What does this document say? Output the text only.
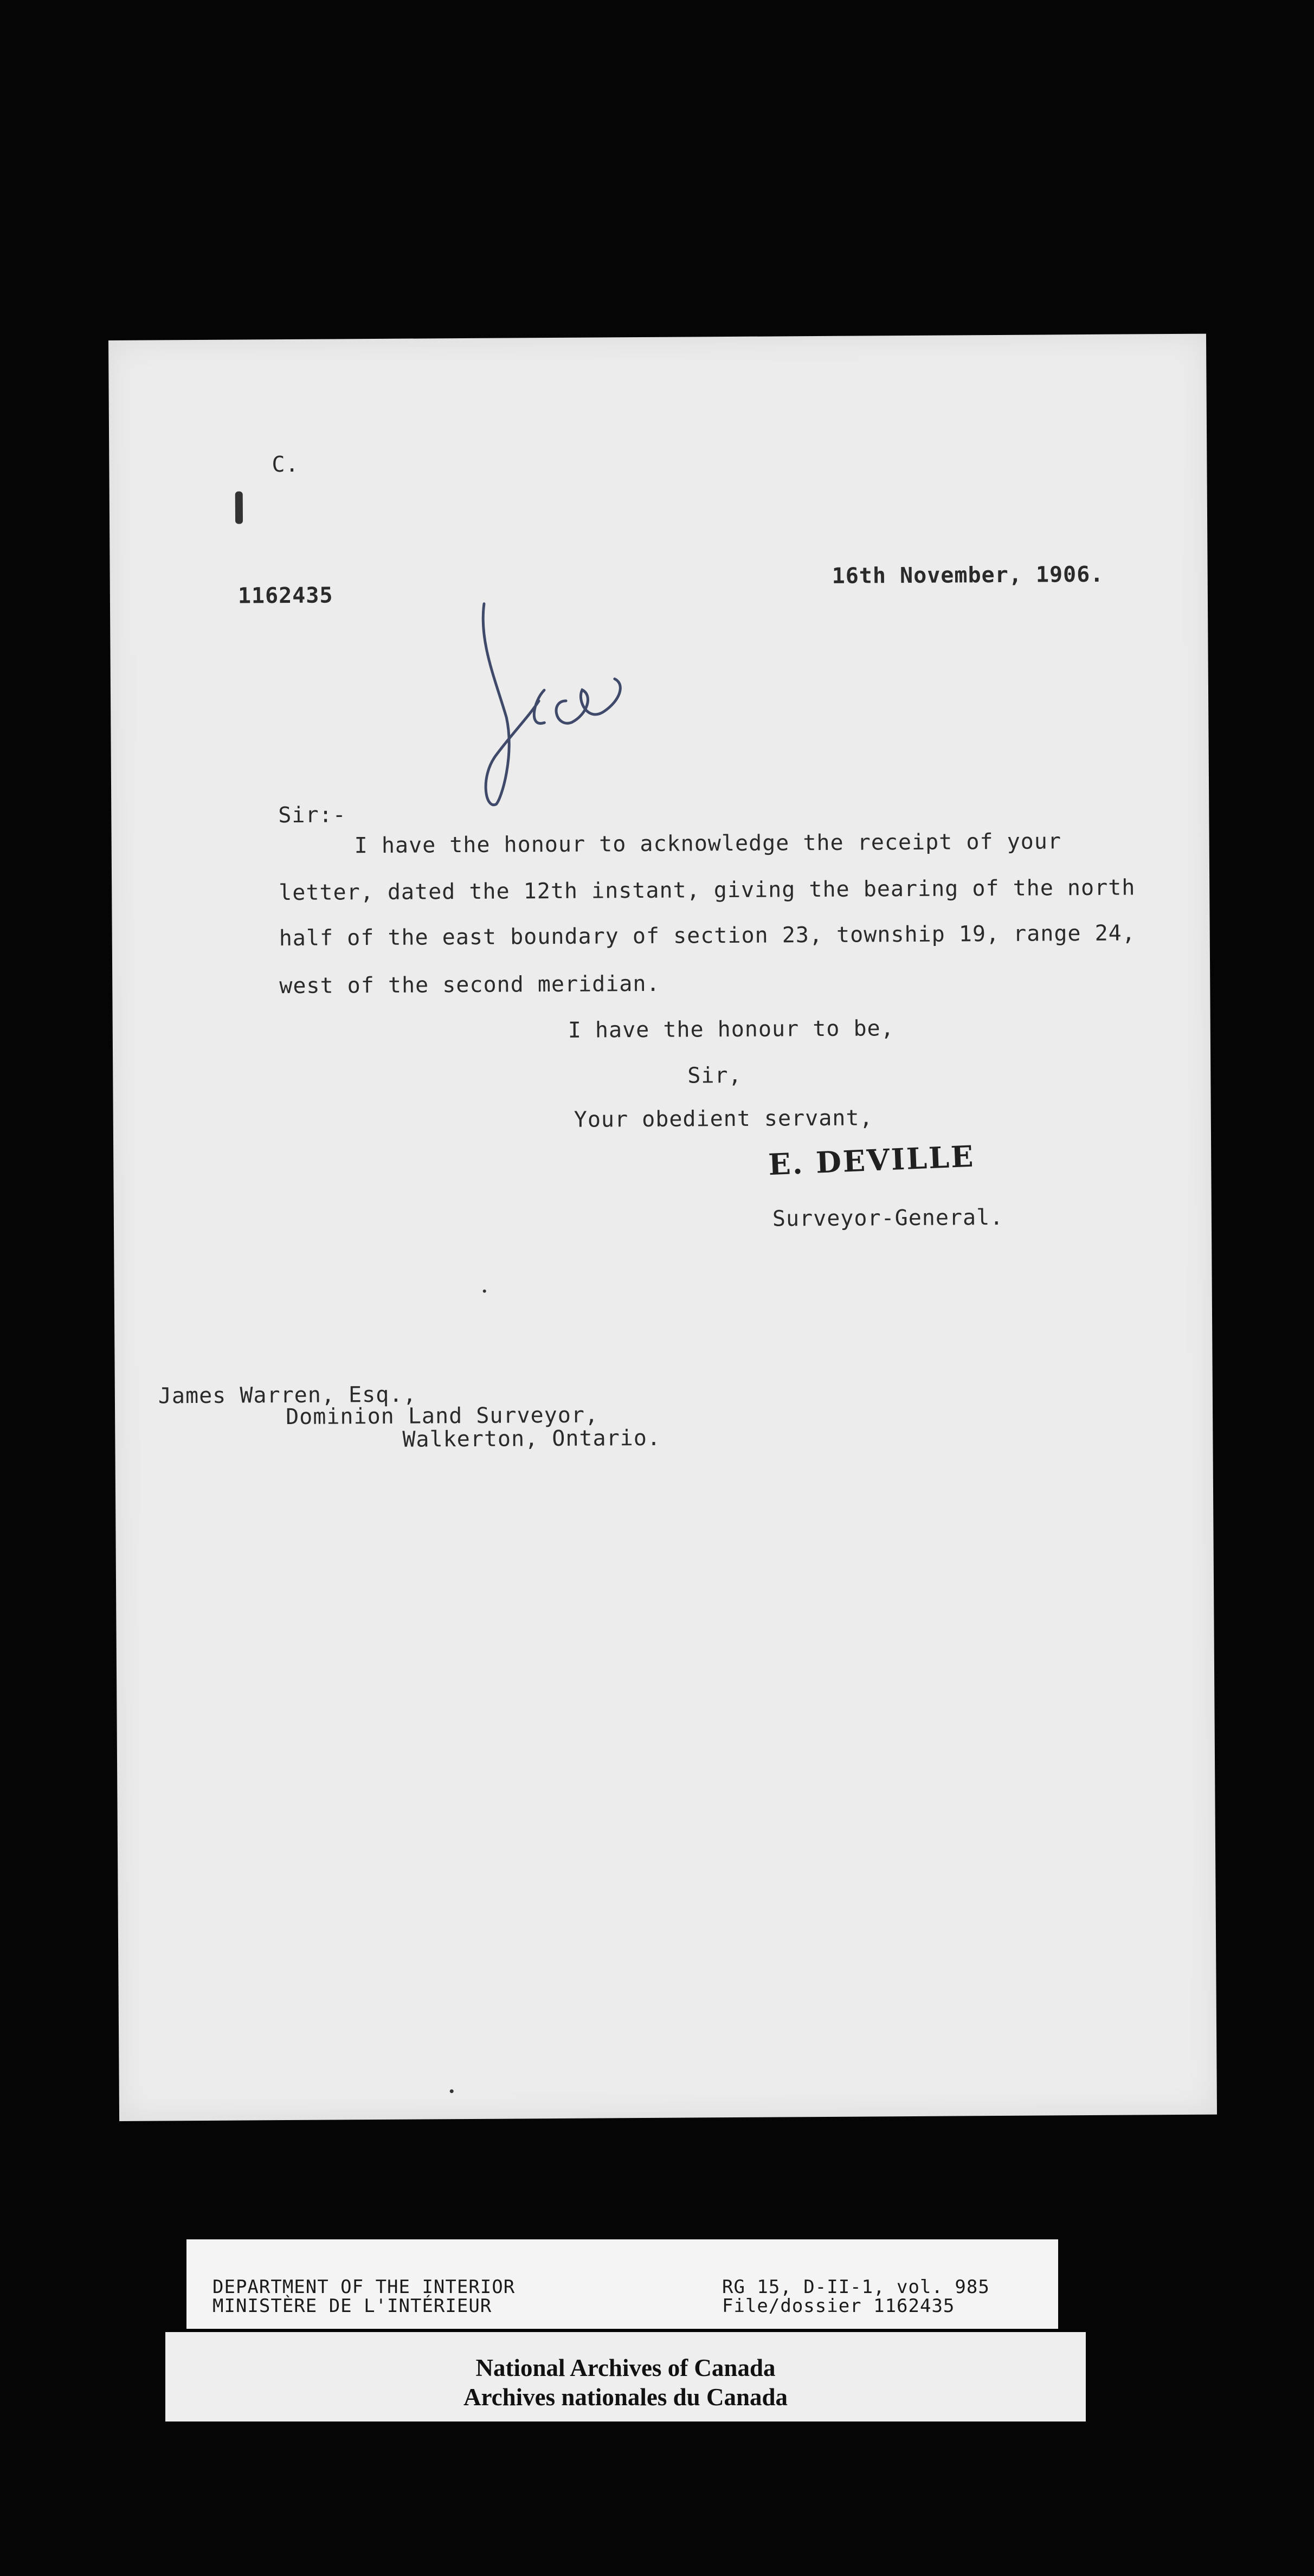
C.
1162435
16th November, 1906.
Sir:-
I have the honour to acknowledge the receipt of your
letter, dated the 12th instant, giving the bearing of the north
half of the east boundary of section 23, township 19, range 24,
west of the second meridian.
I have the honour to be,
Sir,
Your obedient servant,
E. DEVILLE
Surveyor-General.
James Warren, Esq.,
Dominion Land Surveyor,
Walkerton, Ontario.
DEPARTMENT OF THE INTERIOR
MINISTÈRE DE L'INTÉRIEUR
RG 15, D-II-1, vol. 985
File/dossier 1162435
National Archives of Canada
Archives nationales du Canada
